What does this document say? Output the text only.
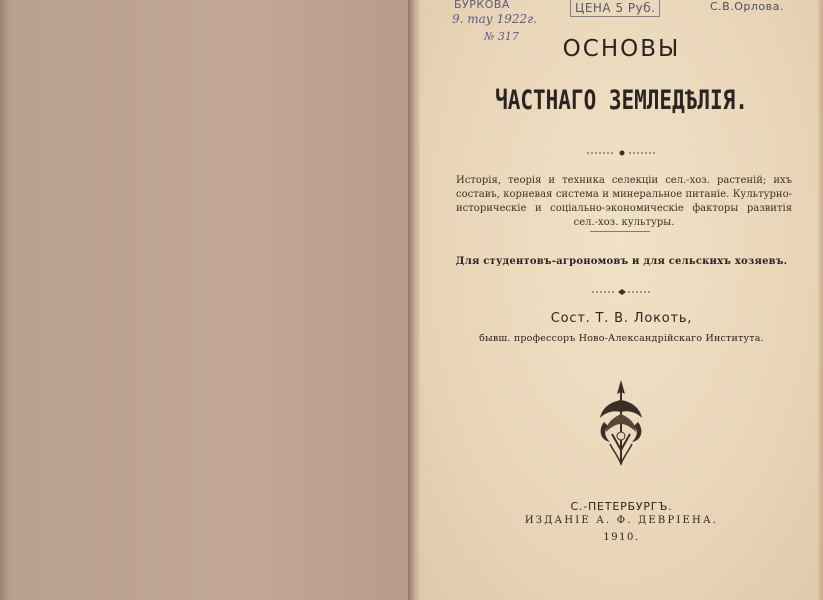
БУРКОВА	ЦЕНА 5 Руб.	С.В.Орлова.
9. тау 1922г.
№ 317	ОСНОВЫ
ЧАСТНАГО ЗЕМЛЕДѢЛІЯ.
Исторія, теорія и техника селекціи сел.-хоз. растеній; ихъ составъ, корневая система и минеральное питаніе. Культурно-историческіе и соціально-экономическіе факторы развитія сел.-хоз. культуры.
Для студентовъ-агрономовъ и для сельскихъ хозяевъ.
Сост. Т. В. Локоть,
бывш. профессоръ Ново-Александрійскаго Института.
С.-ПЕТЕРБУРГЪ.
ИЗДАНІЕ А. Ф. ДЕВРІЕНА.
1910.
